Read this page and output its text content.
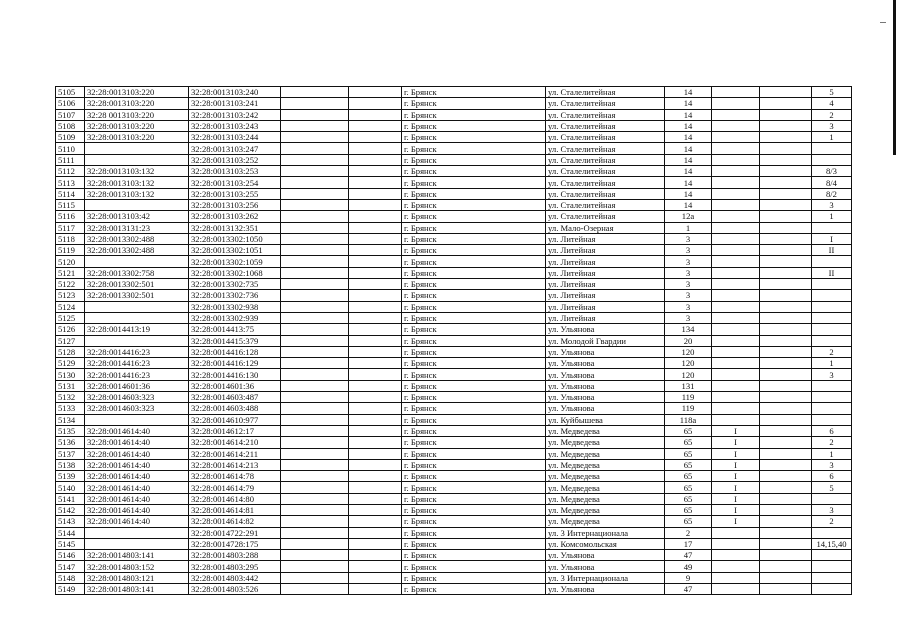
5105	32:28:0013103:220	32:28:0013103:240			г. Брянск	ул. Сталелитейная	14			5
5106	32:28:0013103:220	32:28:0013103:241			г. Брянск	ул. Сталелитейная	14			4
5107	32:28 0013103:220	32:28:0013103:242			г. Брянск	ул. Сталелитейная	14			2
5108	32:28:0013103:220	32:28:0013103:243			г. Брянск	ул. Сталелитейная	14			3
5109	32:28:0013103:220	32:28:0013103:244			г. Брянск	ул. Сталелитейная	14			1
5110		32:28:0013103:247			г. Брянск	ул. Сталелитейная	14			
5111		32:28:0013103:252			г. Брянск	ул. Сталелитейная	14			
5112	32:28:0013103:132	32:28:0013103:253			г. Брянск	ул. Сталелитейная	14			8/3
5113	32:28:0013103:132	32:28:0013103:254			г. Брянск	ул. Сталелитейная	14			8/4
5114	32:28:0013103:132	32:28:0013103:255			г. Брянск	ул. Сталелитейная	14			8/2
5115		32:28:0013103:256			г. Брянск	ул. Сталелитейная	14			3
5116	32:28:0013103:42	32:28:0013103:262			г. Брянск	ул. Сталелитейная	12а			1
5117	32:28:0013131:23	32:28:0013132:351			г. Брянск	ул. Мало-Озерная	1			
5118	32:28:0013302:488	32:28:0013302:1050			г. Брянск	ул. Литейная	3			I
5119	32:28:0013302:488	32:28:0013302:1051			г. Брянск	ул. Литейная	3			II
5120		32:28:0013302:1059			г. Брянск	ул. Литейная	3			
5121	32:28:0013302:758	32:28:0013302:1068			г. Брянск	ул. Литейная	3			II
5122	32:28:0013302:501	32:28:0013302:735			г. Брянск	ул. Литейная	3			
5123	32:28:0013302:501	32:28:0013302:736			г. Брянск	ул. Литейная	3			
5124		32:28:0013302:938			г. Брянск	ул. Литейная	3			
5125		32:28:0013302:939			г. Брянск	ул. Литейная	3			
5126	32:28:0014413:19	32:28:0014413:75			г. Брянск	ул. Ульянова	134			
5127		32:28:0014415:379			г. Брянск	ул. Молодой Гвардии	20			
5128	32:28:0014416:23	32:28:0014416:128			г. Брянск	ул. Ульянова	120			2
5129	32:28:0014416:23	32:28:0014416:129			г. Брянск	ул. Ульянова	120			1
5130	32:28:0014416:23	32:28:0014416:130			г. Брянск	ул. Ульянова	120			3
5131	32:28:0014601:36	32:28:0014601:36			г. Брянск	ул. Ульянова	131			
5132	32:28:0014603:323	32:28:0014603:487			г. Брянск	ул. Ульянова	119			
5133	32:28:0014603:323	32:28:0014603:488			г. Брянск	ул. Ульянова	119			
5134		32:28:0014610:977			г. Брянск	ул. Куйбышева	118а			
5135	32:28:0014614:40	32:28:0014612:17			г. Брянск	ул. Медведева	65	I		6
5136	32:28:0014614:40	32:28:0014614:210			г. Брянск	ул. Медведева	65	I		2
5137	32:28:0014614:40	32:28:0014614:211			г. Брянск	ул. Медведева	65	I		1
5138	32:28:0014614:40	32:28:0014614:213			г. Брянск	ул. Медведева	65	I		3
5139	32:28:0014614:40	32:28:0014614:78			г. Брянск	ул. Медведева	65	I		6
5140	32:28:0014614:40	32:28:0014614:79			г. Брянск	ул. Медведева	65	I		5
5141	32:28:0014614:40	32:28:0014614:80			г. Брянск	ул. Медведева	65	I		
5142	32:28:0014614:40	32:28:0014614:81			г. Брянск	ул. Медведева	65	I		3
5143	32:28:0014614:40	32:28:0014614:82			г. Брянск	ул. Медведева	65	I		2
5144		32:28:0014722:291			г. Брянск	ул. 3 Интернационала	2			
5145		32:28:0014728:175			г. Брянск	ул. Комсомольская	17			14,15,40
5146	32:28:0014803:141	32:28:0014803:288			г. Брянск	ул. Ульянова	47			
5147	32:28:0014803:152	32:28:0014803:295			г. Брянск	ул. Ульянова	49			
5148	32:28:0014803:121	32:28:0014803:442			г. Брянск	ул. 3 Интернационала	9			
5149	32:28:0014803:141	32:28:0014803:526			г. Брянск	ул. Ульянова	47			
